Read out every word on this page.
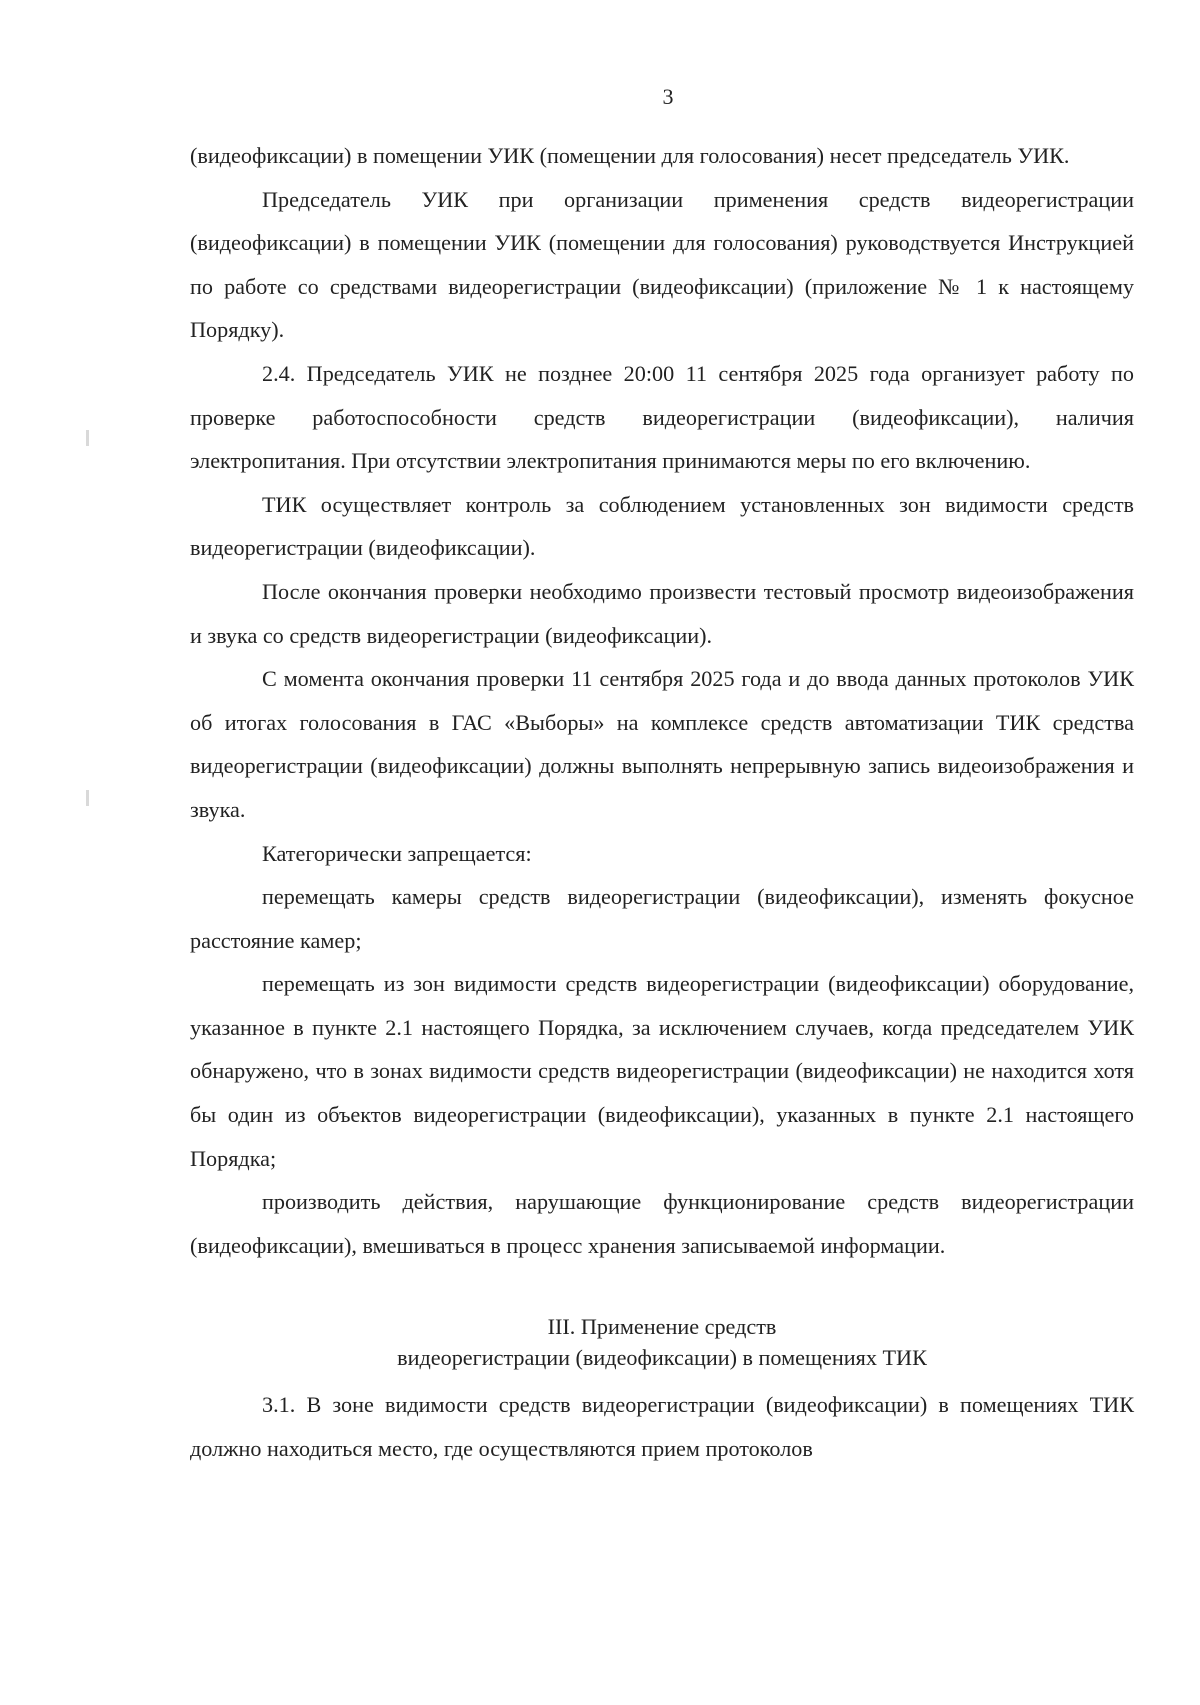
3

(видеофиксации) в помещении УИК (помещении для голосования) несет председатель УИК.

Председатель УИК при организации применения средств видеорегистрации (видеофиксации) в помещении УИК (помещении для голосования) руководствуется Инструкцией по работе со средствами видеорегистрации (видеофиксации) (приложение № 1 к настоящему Порядку).

2.4. Председатель УИК не позднее 20:00 11 сентября 2025 года организует работу по проверке работоспособности средств видеорегистрации (видеофиксации), наличия электропитания. При отсутствии электропитания принимаются меры по его включению.

ТИК осуществляет контроль за соблюдением установленных зон видимости средств видеорегистрации (видеофиксации).

После окончания проверки необходимо произвести тестовый просмотр видеоизображения и звука со средств видеорегистрации (видеофиксации).

С момента окончания проверки 11 сентября 2025 года и до ввода данных протоколов УИК об итогах голосования в ГАС «Выборы» на комплексе средств автоматизации ТИК средства видеорегистрации (видеофиксации) должны выполнять непрерывную запись видеоизображения и звука.

Категорически запрещается:

перемещать камеры средств видеорегистрации (видеофиксации), изменять фокусное расстояние камер;

перемещать из зон видимости средств видеорегистрации (видеофиксации) оборудование, указанное в пункте 2.1 настоящего Порядка, за исключением случаев, когда председателем УИК обнаружено, что в зонах видимости средств видеорегистрации (видеофиксации) не находится хотя бы один из объектов видеорегистрации (видеофиксации), указанных в пункте 2.1 настоящего Порядка;

производить действия, нарушающие функционирование средств видеорегистрации (видеофиксации), вмешиваться в процесс хранения записываемой информации.

III. Применение средств
видеорегистрации (видеофиксации) в помещениях ТИК

3.1. В зоне видимости средств видеорегистрации (видеофиксации) в помещениях ТИК должно находиться место, где осуществляются прием протоколов
